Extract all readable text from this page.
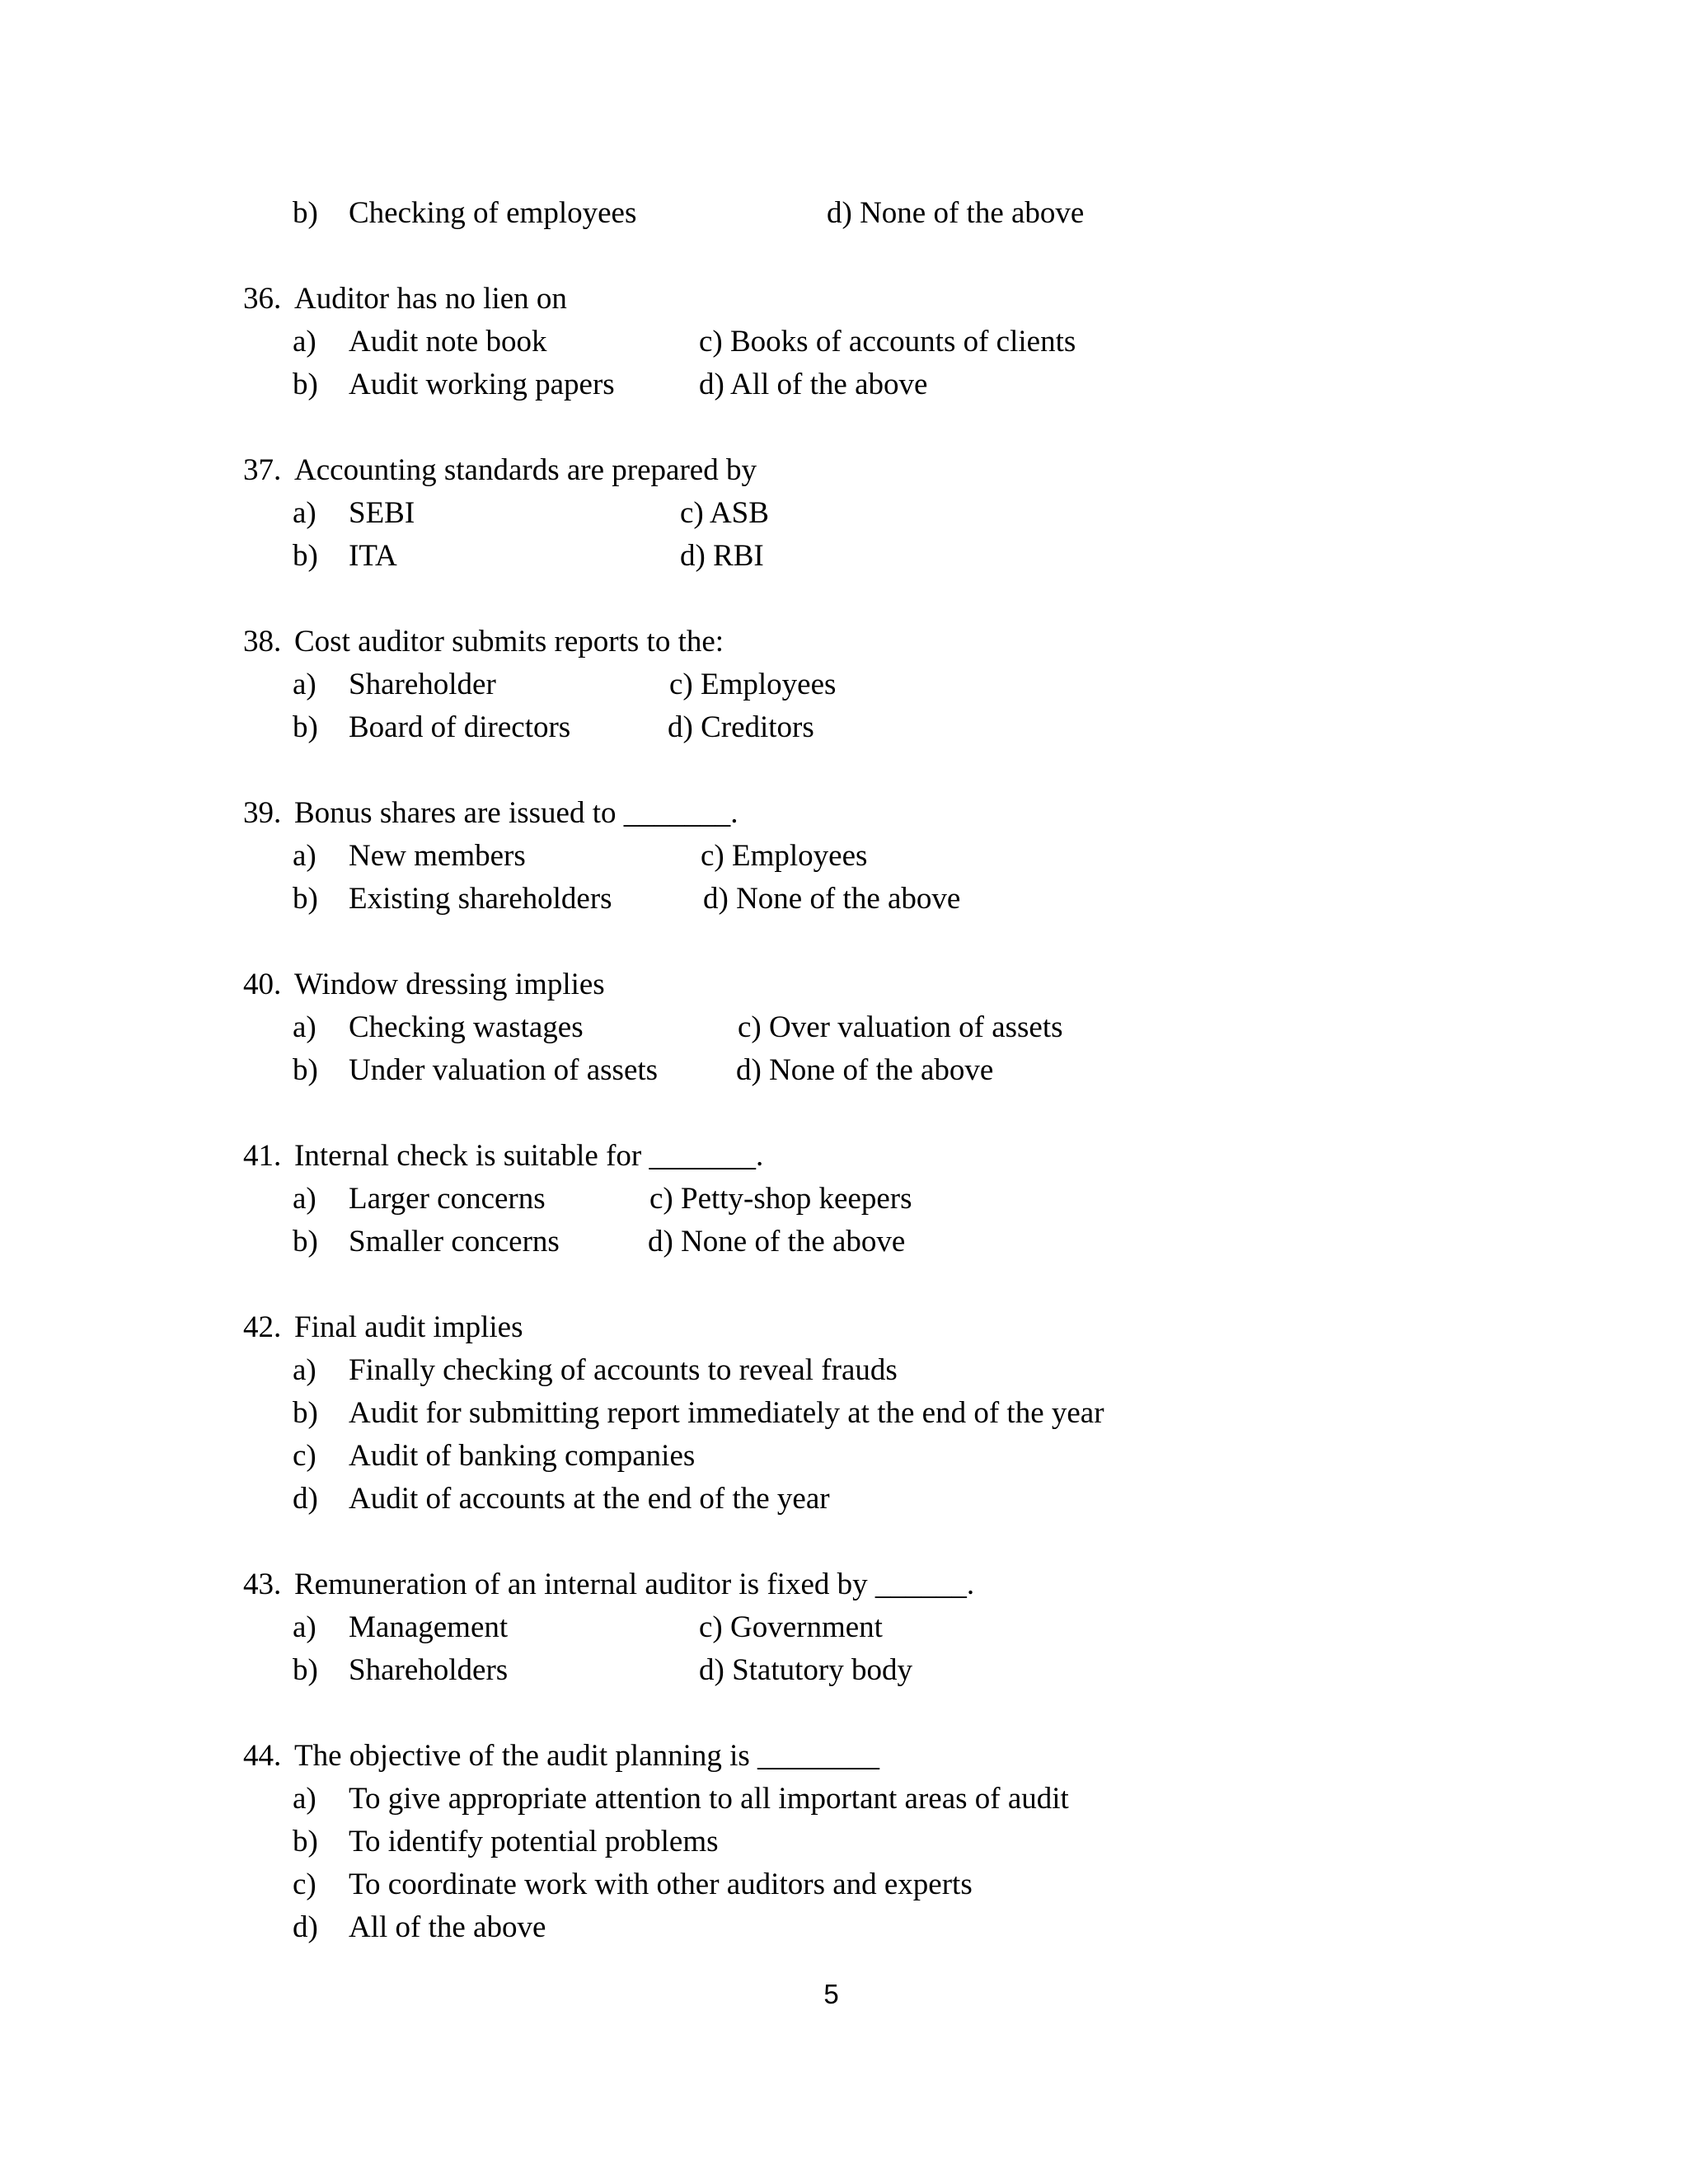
b) Checking of employees	d) None of the above
36. Auditor has no lien on
a) Audit note book	c) Books of accounts of clients
b) Audit working papers	d) All of the above
37. Accounting standards are prepared by
a) SEBI	c) ASB
b) ITA	d) RBI
38. Cost auditor submits reports to the:
a) Shareholder	c) Employees
b) Board of directors	d) Creditors
39. Bonus shares are issued to _______.
a) New members	c) Employees
b) Existing shareholders	d) None of the above
40. Window dressing implies
a) Checking wastages	c) Over valuation of assets
b) Under valuation of assets	d) None of the above
41. Internal check is suitable for _______.
a) Larger concerns	c) Petty-shop keepers
b) Smaller concerns	d) None of the above
42. Final audit implies
a) Finally checking of accounts to reveal frauds
b) Audit for submitting report immediately at the end of the year
c) Audit of banking companies
d) Audit of accounts at the end of the year
43. Remuneration of an internal auditor is fixed by ______.
a) Management	c) Government
b) Shareholders	d) Statutory body
44. The objective of the audit planning is ________
a) To give appropriate attention to all important areas of audit
b) To identify potential problems
c) To coordinate work with other auditors and experts
d) All of the above
5
